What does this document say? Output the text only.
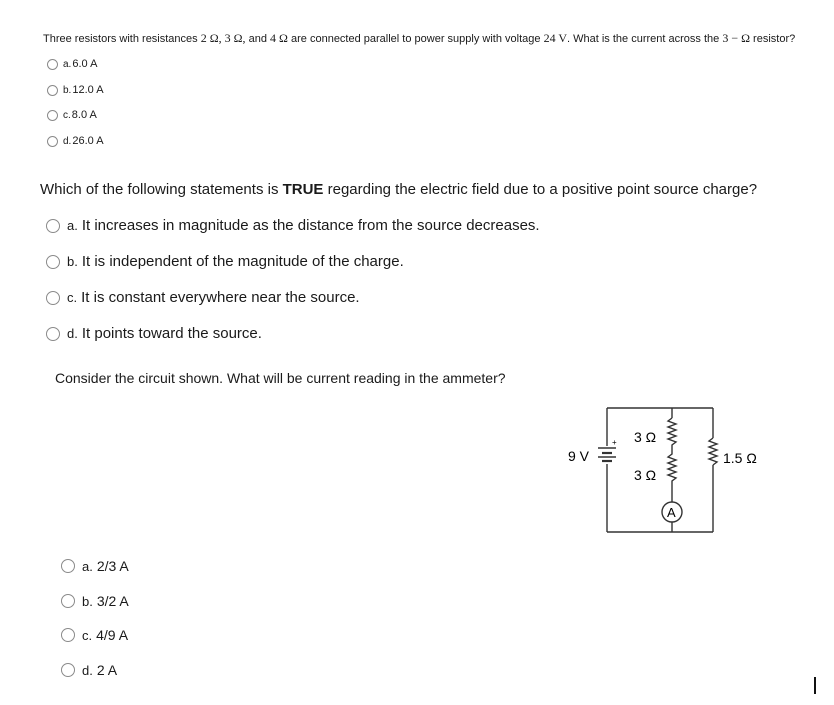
Three resistors with resistances 2 Ω, 3 Ω, and 4 Ω are connected parallel to power supply with voltage 24 V. What is the current across the 3 − Ω resistor?
a. 6.0 A
b. 12.0 A
c. 8.0 A
d. 26.0 A
Which of the following statements is TRUE regarding the electric field due to a positive point source charge?
a. It increases in magnitude as the distance from the source decreases.
b. It is independent of the magnitude of the charge.
c. It is constant everywhere near the source.
d. It points toward the source.
Consider the circuit shown. What will be current reading in the ammeter?
A
9 V
+ 3 Ω
3 Ω
1.5 Ω
a. 2/3 A
b. 3/2 A
c. 4/9 A
d. 2 A
